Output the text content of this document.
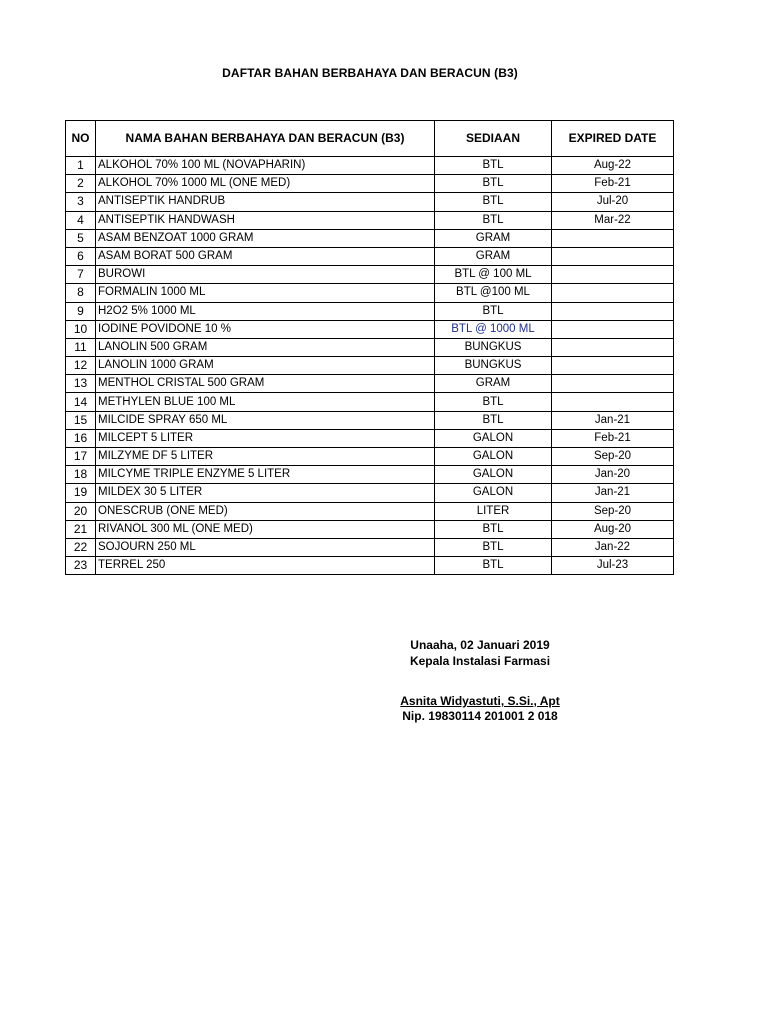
DAFTAR BAHAN BERBAHAYA DAN BERACUN (B3)
NO	NAMA BAHAN BERBAHAYA DAN BERACUN (B3)	SEDIAAN	EXPIRED DATE
1	ALKOHOL 70% 100 ML (NOVAPHARIN)	BTL	Aug-22
2	ALKOHOL 70% 1000 ML (ONE MED)	BTL	Feb-21
3	ANTISEPTIK HANDRUB	BTL	Jul-20
4	ANTISEPTIK HANDWASH	BTL	Mar-22
5	ASAM BENZOAT 1000 GRAM	GRAM	
6	ASAM BORAT 500 GRAM	GRAM	
7	BUROWI	BTL @ 100 ML	
8	FORMALIN 1000 ML	BTL @100 ML	
9	H2O2 5% 1000 ML	BTL	
10	IODINE POVIDONE 10 %	BTL @ 1000 ML	
11	LANOLIN 500 GRAM	BUNGKUS	
12	LANOLIN 1000 GRAM	BUNGKUS	
13	MENTHOL CRISTAL 500 GRAM	GRAM	
14	METHYLEN BLUE 100 ML	BTL	
15	MILCIDE SPRAY 650 ML	BTL	Jan-21
16	MILCEPT 5 LITER	GALON	Feb-21
17	MILZYME DF 5 LITER	GALON	Sep-20
18	MILCYME TRIPLE ENZYME 5 LITER	GALON	Jan-20
19	MILDEX 30 5 LITER	GALON	Jan-21
20	ONESCRUB (ONE MED)	LITER	Sep-20
21	RIVANOL 300 ML (ONE MED)	BTL	Aug-20
22	SOJOURN 250 ML	BTL	Jan-22
23	TERREL 250	BTL	Jul-23
Unaaha, 02 Januari 2019
Kepala Instalasi Farmasi
Asnita Widyastuti, S.Si., Apt
Nip. 19830114 201001 2 018
